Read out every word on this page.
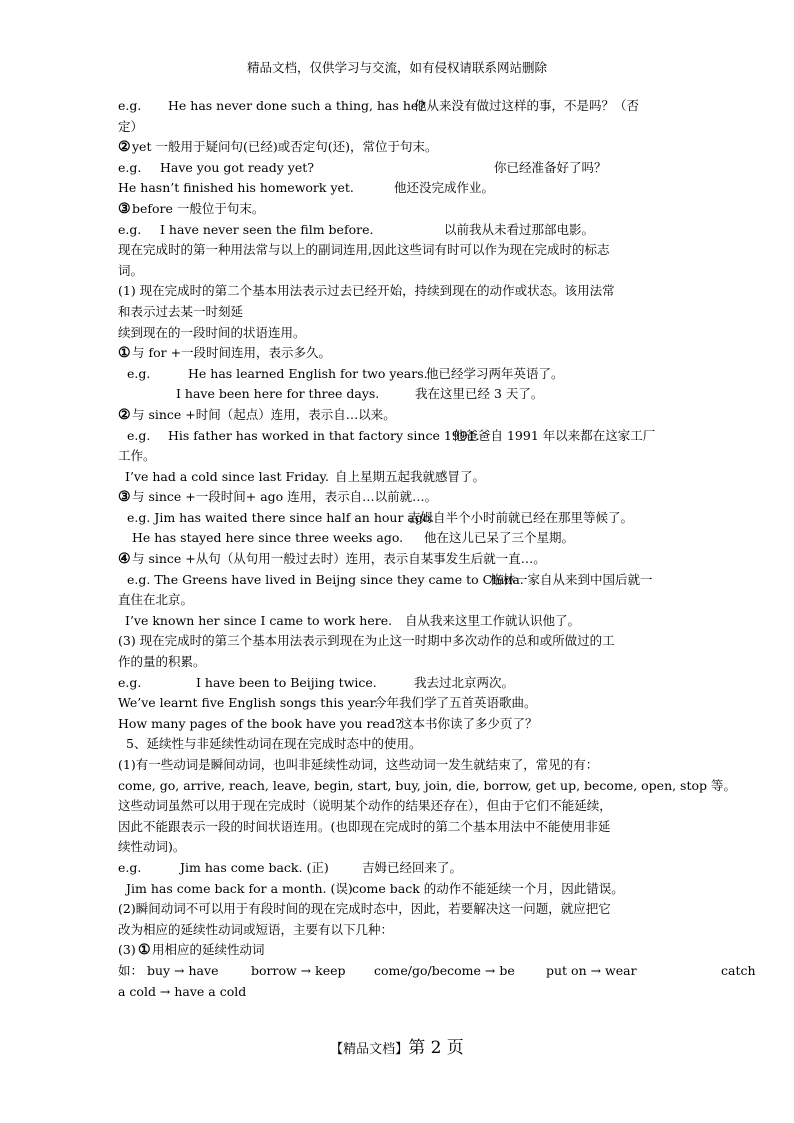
精品文档，仅供学习与交流，如有侵权请联系网站删除
e.g. He has never done such a thing, has he?
他从来没有做过这样的事，不是吗？（否
定）
② yet 一般用于疑问句(已经)或否定句(还)，常位于句末。
e.g. Have you got ready yet?	你已经准备好了吗？
He hasn’t finished his homework yet.	他还没完成作业。
③ before 一般位于句末。
e.g. I have never seen the film before.	以前我从未看过那部电影。
现在完成时的第一种用法常与以上的副词连用,因此这些词有时可以作为现在完成时的标志
词。
(1) 现在完成时的第二个基本用法表示过去已经开始，持续到现在的动作或状态。该用法常
和表示过去某一时刻延
续到现在的一段时间的状语连用。
① 与 for +一段时间连用，表示多久。
e.g.	He has learned English for two years.
他已经学习两年英语了。
I have been here for three days.	我在这里已经 3 天了。
② 与 since +时间（起点）连用，表示自…以来。
e.g. His father has worked in that factory since 1991.
他爸爸自 1991 年以来都在这家工厂
工作。
I’ve had a cold since last Friday. 自上星期五起我就感冒了。
③ 与 since +一段时间+ ago 连用，表示自…以前就…。
e.g. Jim has waited there since half an hour ago.
吉姆自半个小时前就已经在那里等候了。
He has stayed here since three weeks ago. 他在这儿已呆了三个星期。
④ 与 since +从句（从句用一般过去时）连用，表示自某事发生后就一直…。
e.g. The Greens have lived in Beijng since they came to China.
格林一家自从来到中国后就一
直住在北京。
I’ve known her since I came to work here. 自从我来这里工作就认识他了。
(3) 现在完成时的第三个基本用法表示到现在为止这一时期中多次动作的总和或所做过的工
作的量的积累。
e.g.	I have been to Beijing twice.	我去过北京两次。
We’ve learnt five English songs this year.
今年我们学了五首英语歌曲。
How many pages of the book have you read?
这本书你读了多少页了？
5、延续性与非延续性动词在现在完成时态中的使用。
(1)有一些动词是瞬间动词，也叫非延续性动词，这些动词一发生就结束了，常见的有：
come, go, arrive, reach, leave, begin, start, buy, join, die, borrow, get up, become, open, stop 等。
这些动词虽然可以用于现在完成时（说明某个动作的结果还存在），但由于它们不能延续，
因此不能跟表示一段的时间状语连用。(也即现在完成时的第二个基本用法中不能使用非延
续性动词)。
e.g.	Jim has come back. (正)	吉姆已经回来了。
Jim has come back for a month. (误) come back 的动作不能延续一个月，因此错误。
(2)瞬间动词不可以用于有段时间的现在完成时态中，因此，若要解决这一问题，就应把它
改为相应的延续性动词或短语，主要有以下几种：
(3) ① 用相应的延续性动词
如： buy → have	borrow → keep come/go/become → be	put on → wear	catch
a cold → have a cold
【精品文档】第 2 页
